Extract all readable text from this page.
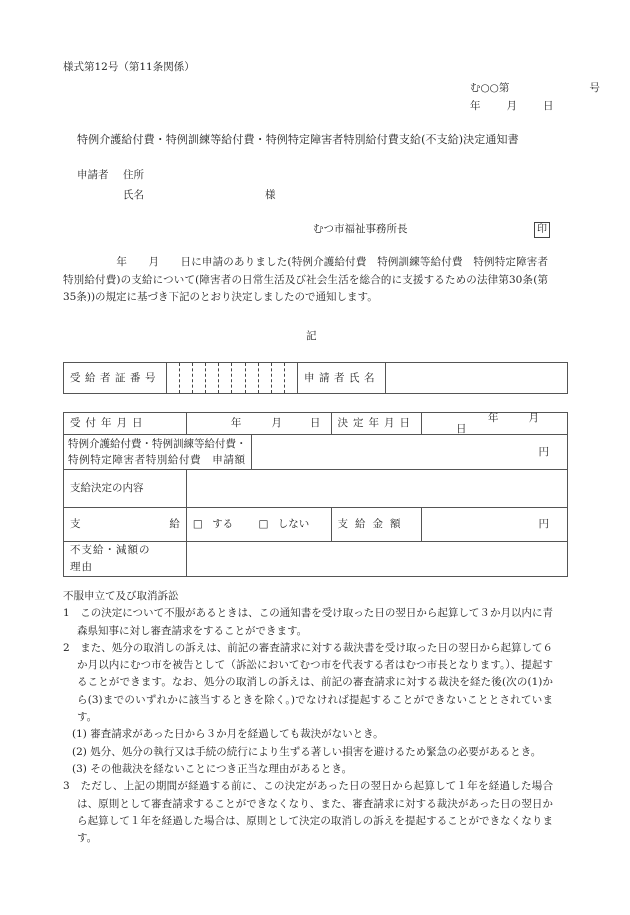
様式第12号（第11条関係）
む○○第	号
年 月 日
特例介護給付費・特例訓練等給付費・特例特定障害者特別給付費支給(不支給)決定通知書
申請者 住所
氏名	様
むつ市福祉事務所長	印
　　　　　年　　月　　日に申請のありました(特例介護給付費　特例訓練等給付費　特例特定障害者特別給付費)の支給について(障害者の日常生活及び社会生活を総合的に支援するための法律第30条(第35条))の規定に基づき下記のとおり決定しましたので通知します。
記
受給者証番号		申請者氏名	
受付年月日	年 月 日		決定年月日	年 月日

特例介護給付費・特例訓練等給付費・
特例特定障害者特別給付費　申請額		円		
支給決定の内容				
支 給	□ する □ しない		支給金額	円

不支給・減額の
理由				

不服申立て及び取消訴訟
1　この決定について不服があるときは、この通知書を受け取った日の翌日から起算して３か月以内に青森県知事に対し審査請求をすることができます。
2　また、処分の取消しの訴えは、前記の審査請求に対する裁決書を受け取った日の翌日から起算して６か月以内にむつ市を被告として（訴訟においてむつ市を代表する者はむつ市長となります。）、提起することができます。なお、処分の取消しの訴えは、前記の審査請求に対する裁決を経た後(次の(1)から(3)までのいずれかに該当するときを除く。)でなければ提起することができないこととされています。
(1) 審査請求があった日から３か月を経過しても裁決がないとき。
(2) 処分、処分の執行又は手続の続行により生ずる著しい損害を避けるため緊急の必要があるとき。
(3) その他裁決を経ないことにつき正当な理由があるとき。
3　ただし、上記の期間が経過する前に、この決定があった日の翌日から起算して１年を経過した場合は、原則として審査請求することができなくなり、また、審査請求に対する裁決があった日の翌日から起算して１年を経過した場合は、原則として決定の取消しの訴えを提起することができなくなります。
